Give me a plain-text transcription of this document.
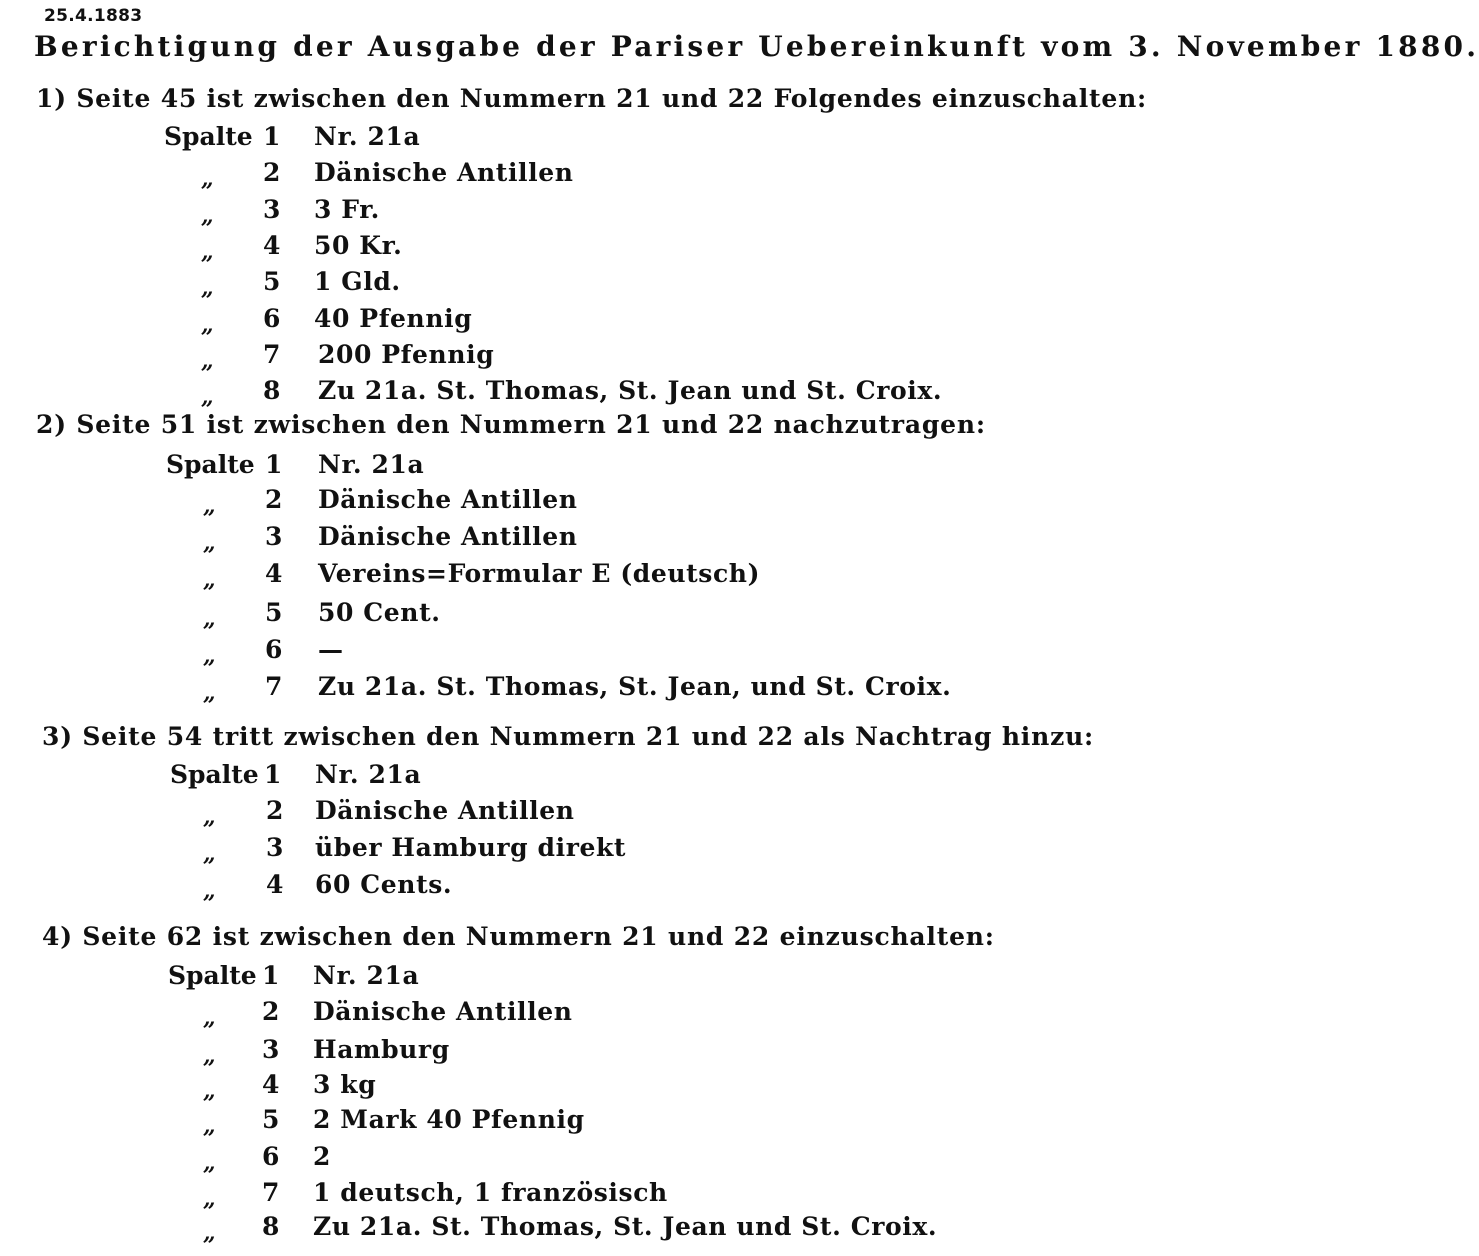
25.4.1883
Berichtigung der Ausgabe der Pariser Uebereinkunft vom 3. November 1880.
1) Seite 45 ist zwischen den Nummern 21 und 22 Folgendes einzuschalten:
Spalte 1 Nr. 21a
„ 2 Dänische Antillen
„ 3 3 Fr.
„ 4 50 Kr.
„ 5 1 Gld.
„ 6 40 Pfennig
„ 7 200 Pfennig
„ 8 Zu 21a. St. Thomas, St. Jean und St. Croix.
2) Seite 51 ist zwischen den Nummern 21 und 22 nachzutragen:
Spalte 1 Nr. 21a
„ 2 Dänische Antillen
„ 3 Dänische Antillen
„ 4 Vereins=Formular E (deutsch)
„ 5 50 Cent.
„ 6 —
„ 7 Zu 21a. St. Thomas, St. Jean, und St. Croix.
3) Seite 54 tritt zwischen den Nummern 21 und 22 als Nachtrag hinzu:
Spalte 1 Nr. 21a
„ 2 Dänische Antillen
„ 3 über Hamburg direkt
„ 4 60 Cents.
4) Seite 62 ist zwischen den Nummern 21 und 22 einzuschalten:
Spalte 1 Nr. 21a
„ 2 Dänische Antillen
„ 3 Hamburg
„ 4 3 kg
„ 5 2 Mark 40 Pfennig
„ 6 2
„ 7 1 deutsch, 1 französisch
„ 8 Zu 21a. St. Thomas, St. Jean und St. Croix.
